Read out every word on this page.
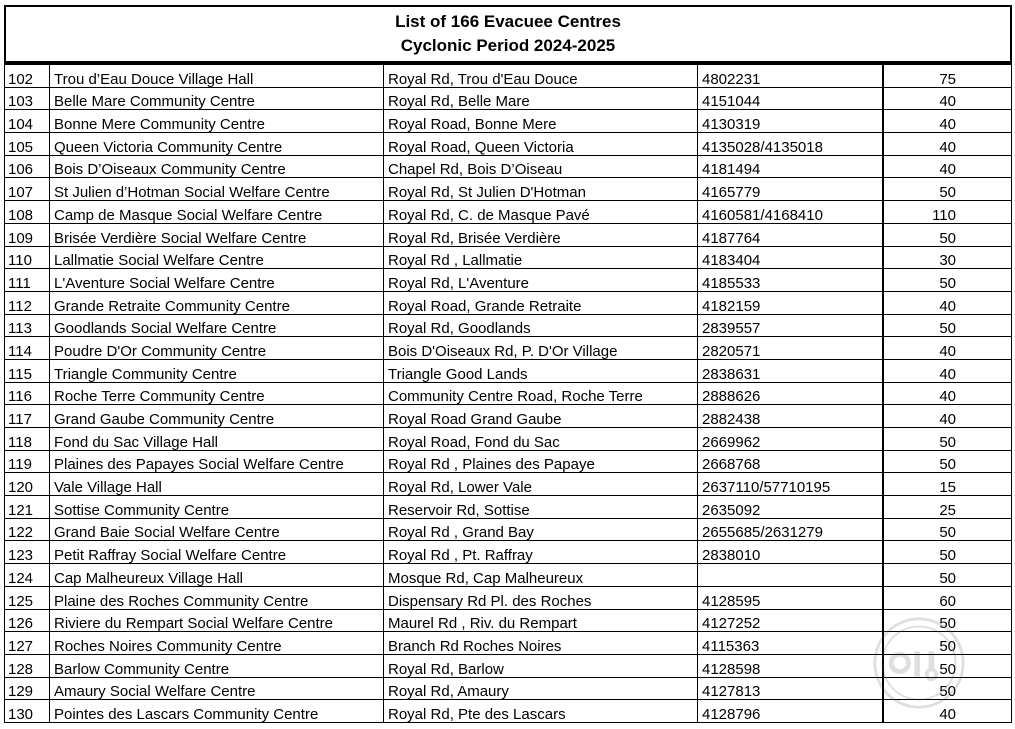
List of 166 Evacuee Centres
Cyclonic Period 2024-2025
102	Trou d’Eau Douce Village Hall	Royal Rd, Trou d'Eau Douce	4802231	75
103	Belle Mare Community Centre	Royal Rd, Belle Mare	4151044	40
104	Bonne Mere Community Centre	Royal Road, Bonne Mere	4130319	40
105	Queen Victoria Community Centre	Royal Road, Queen Victoria	4135028/4135018	40
106	Bois D’Oiseaux Community Centre	Chapel Rd, Bois D’Oiseau	4181494	40
107	St Julien d’Hotman Social Welfare Centre	Royal Rd, St Julien D'Hotman	4165779	50
108	Camp de Masque Social Welfare Centre	Royal Rd, C. de Masque Pavé	4160581/4168410	110
109	Brisée Verdière Social Welfare Centre	Royal Rd, Brisée Verdière	4187764	50
110	Lallmatie Social Welfare Centre	Royal Rd , Lallmatie	4183404	30
111	L'Aventure Social Welfare Centre	Royal Rd, L'Aventure	4185533	50
112	Grande Retraite Community Centre	Royal Road, Grande Retraite	4182159	40
113	Goodlands Social Welfare Centre	Royal Rd, Goodlands	2839557	50
114	Poudre D'Or Community Centre	Bois D'Oiseaux Rd, P. D'Or Village	2820571	40
115	Triangle Community Centre	Triangle Good Lands	2838631	40
116	Roche Terre Community Centre	Community Centre Road, Roche Terre	2888626	40
117	Grand Gaube Community Centre	Royal Road Grand Gaube	2882438	40
118	Fond du Sac Village Hall	Royal Road, Fond du Sac	2669962	50
119	Plaines des Papayes Social Welfare Centre	Royal Rd , Plaines des Papaye	2668768	50
120	Vale Village Hall	Royal Rd, Lower Vale	2637110/57710195	15
121	Sottise Community Centre	Reservoir Rd, Sottise	2635092	25
122	Grand Baie Social Welfare Centre	Royal Rd , Grand Bay	2655685/2631279	50
123	Petit Raffray Social Welfare Centre	Royal Rd , Pt. Raffray	2838010	50
124	Cap Malheureux Village Hall	Mosque Rd, Cap Malheureux		50
125	Plaine des Roches Community Centre	Dispensary Rd Pl. des Roches	4128595	60
126	Riviere du Rempart Social Welfare Centre	Maurel Rd , Riv. du Rempart	4127252	50
127	Roches Noires Community Centre	Branch Rd Roches Noires	4115363	50
128	Barlow Community Centre	Royal Rd, Barlow	4128598	50
129	Amaury Social Welfare Centre	Royal Rd, Amaury	4127813	50
130	Pointes des Lascars Community Centre	Royal Rd, Pte des Lascars	4128796	40
